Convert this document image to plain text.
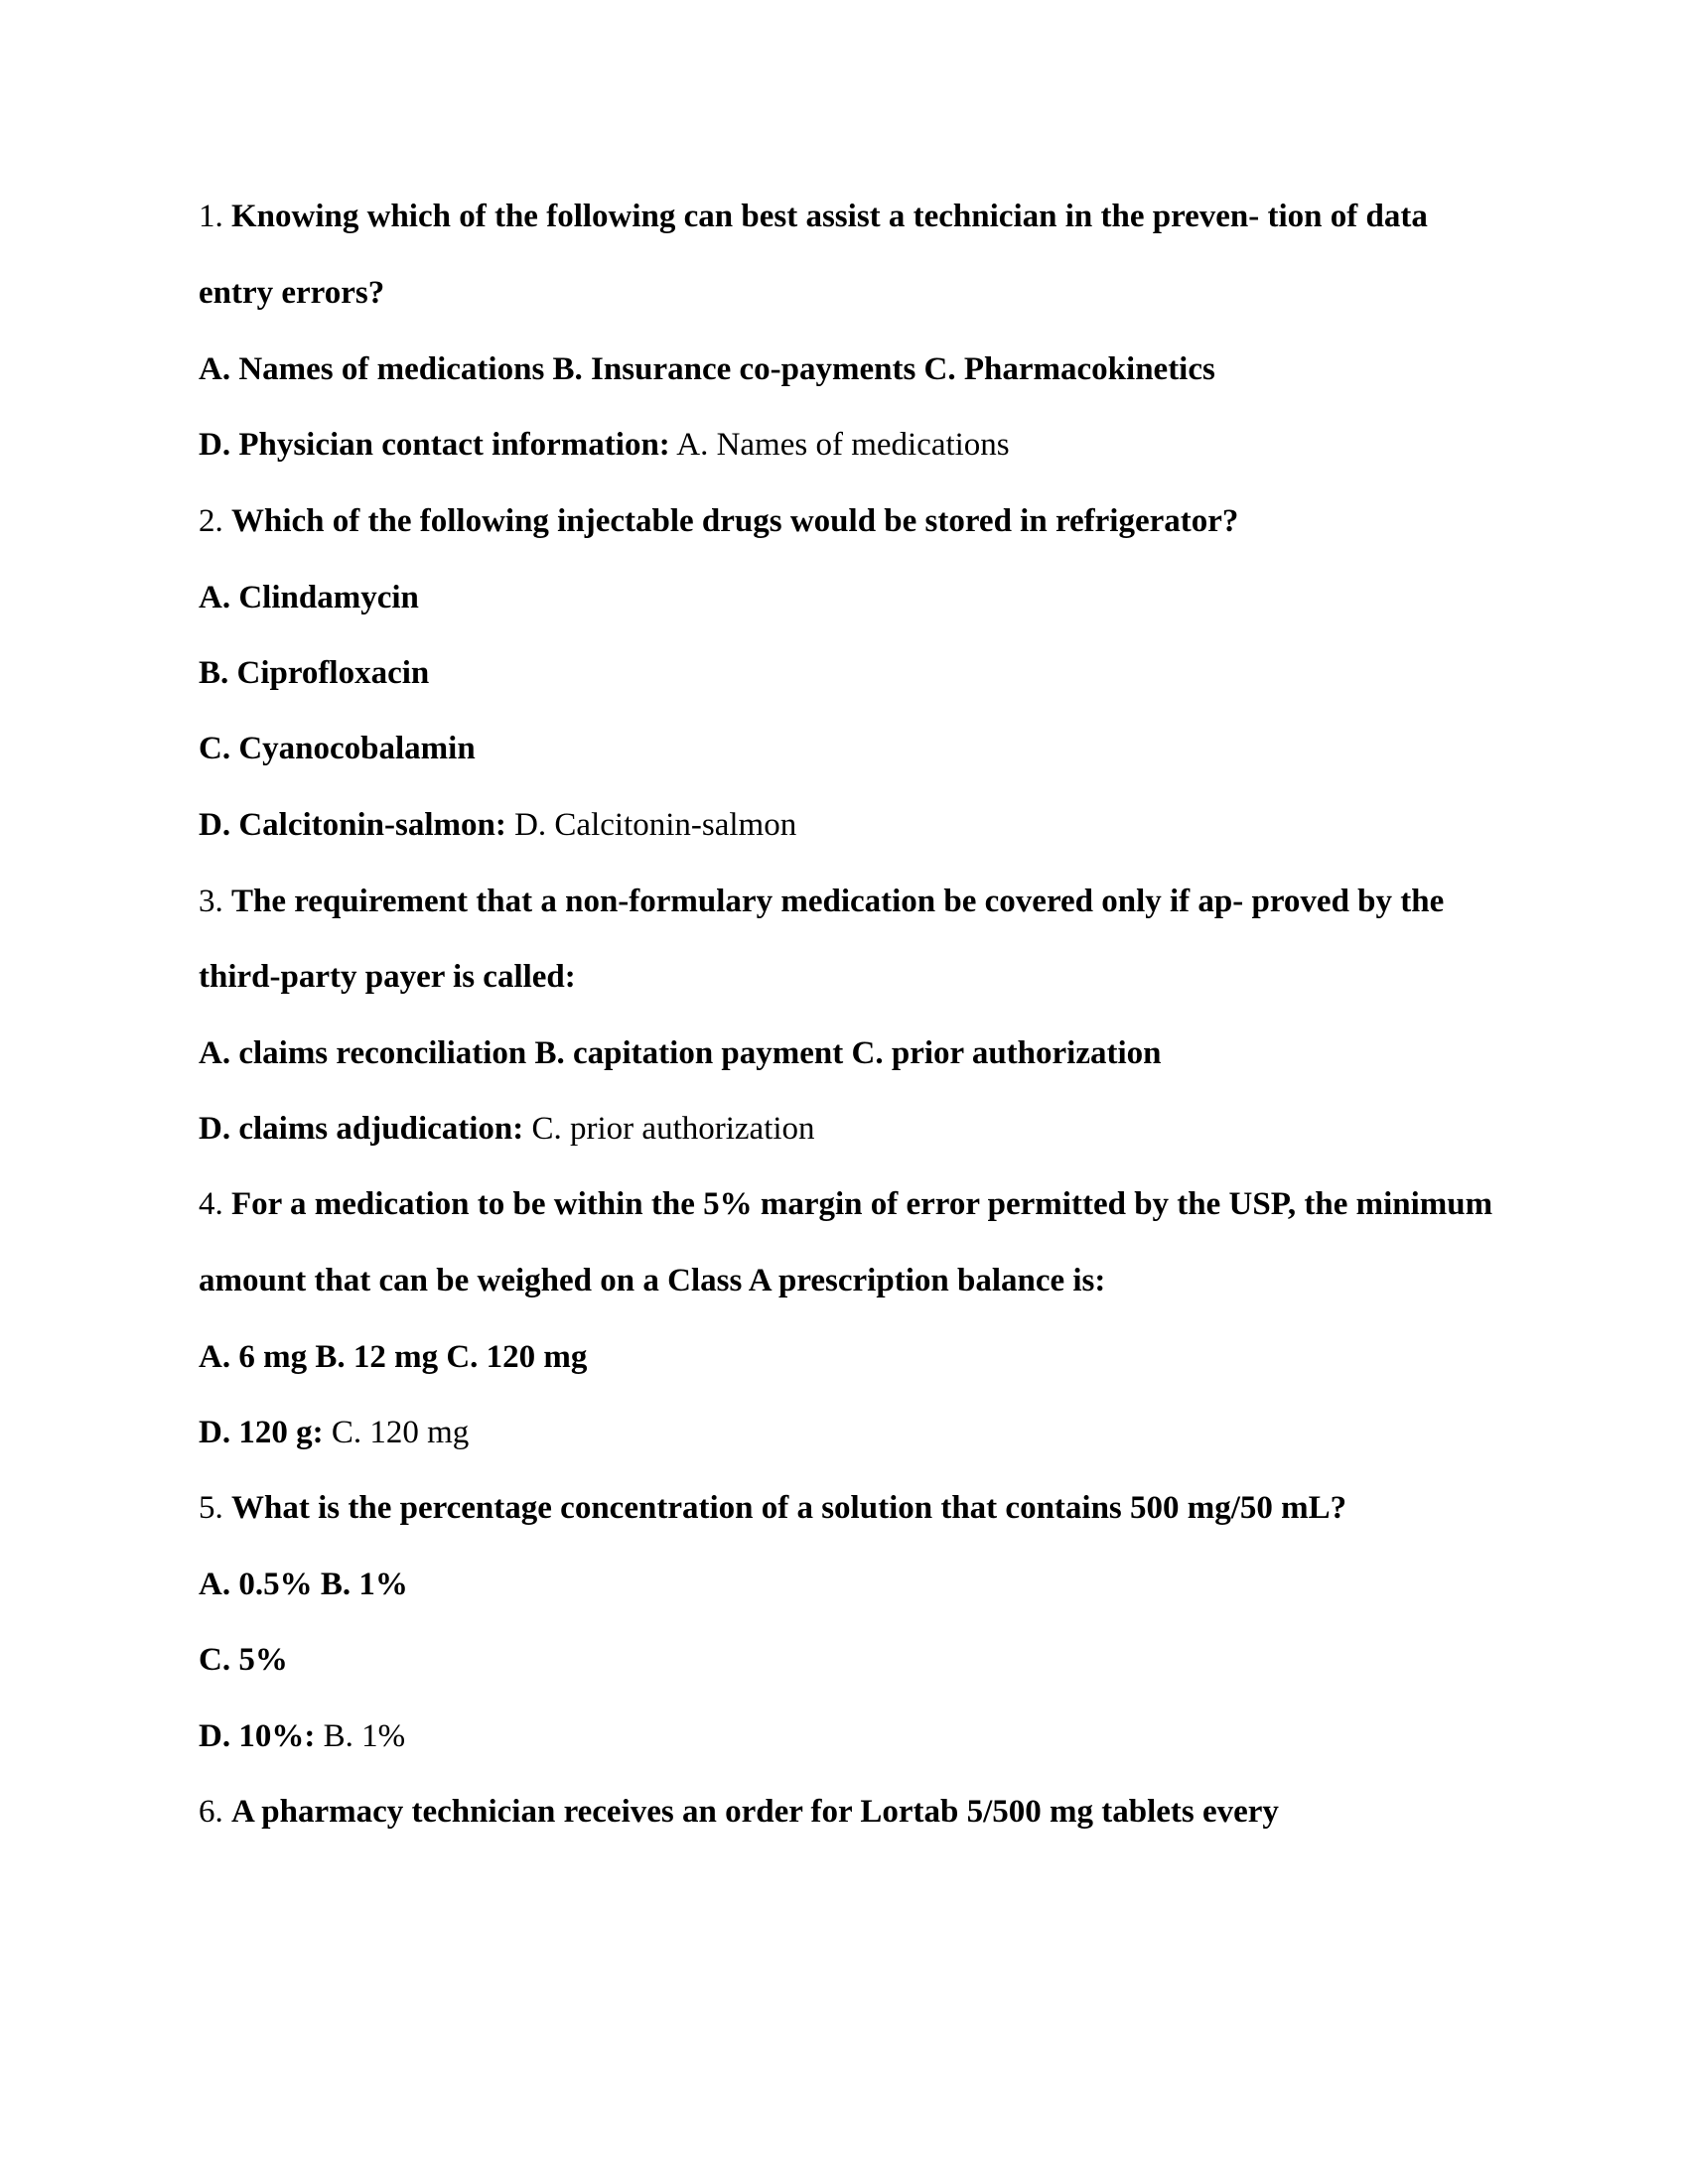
1. Knowing which of the following can best assist a technician in the preven- tion of data
entry errors?
A. Names of medications B. Insurance co-payments C. Pharmacokinetics
D. Physician contact information: A. Names of medications
2. Which of the following injectable drugs would be stored in refrigerator?
A. Clindamycin
B. Ciprofloxacin
C. Cyanocobalamin
D. Calcitonin-salmon: D. Calcitonin-salmon
3. The requirement that a non-formulary medication be covered only if ap- proved by the
third-party payer is called:
A. claims reconciliation B. capitation payment C. prior authorization
D. claims adjudication: C. prior authorization
4. For a medication to be within the 5% margin of error permitted by the USP, the minimum
amount that can be weighed on a Class A prescription balance is:
A. 6 mg B. 12 mg C. 120 mg
D. 120 g: C. 120 mg
5. What is the percentage concentration of a solution that contains 500 mg/50 mL?
A. 0.5% B. 1%
C. 5%
D. 10%: B. 1%
6. A pharmacy technician receives an order for Lortab 5/500 mg tablets every
